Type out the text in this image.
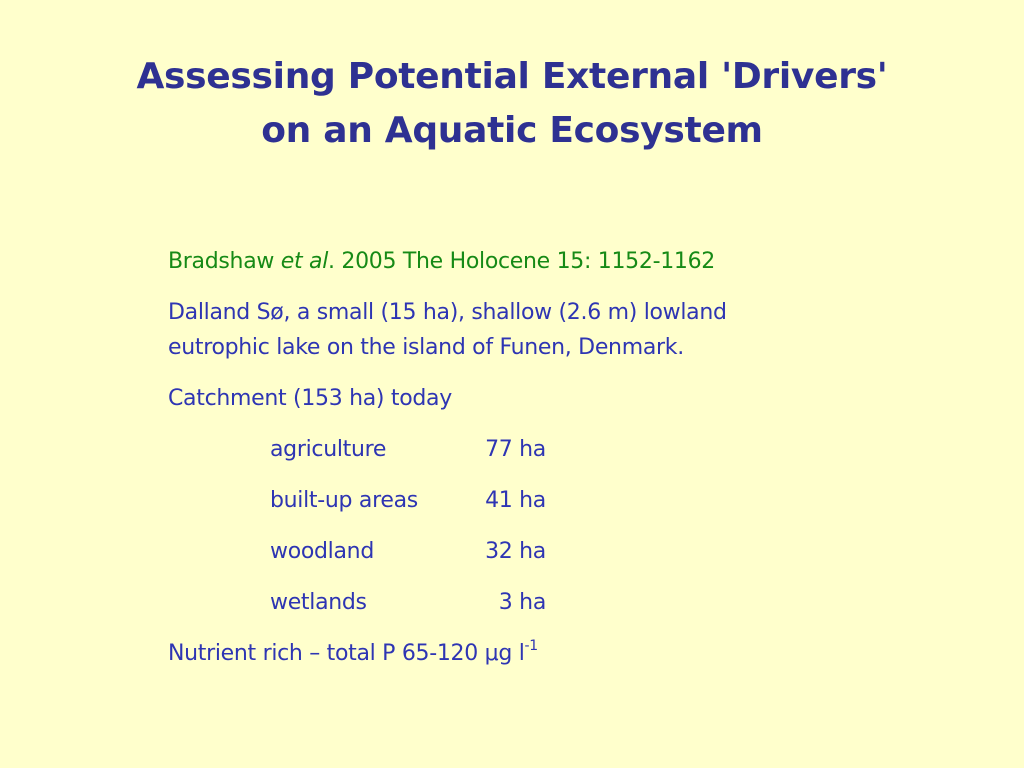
Assessing Potential External 'Drivers'
on an Aquatic Ecosystem

Bradshaw et al. 2005 The Holocene 15: 1152-1162

Dalland Sø, a small (15 ha), shallow (2.6 m) lowland
eutrophic lake on the island of Funen, Denmark.

Catchment (153 ha) today

agriculture	77 ha
built-up areas	41 ha
woodland	32 ha
wetlands	3 ha

Nutrient rich – total P 65-120 μg $l^{-1}$
